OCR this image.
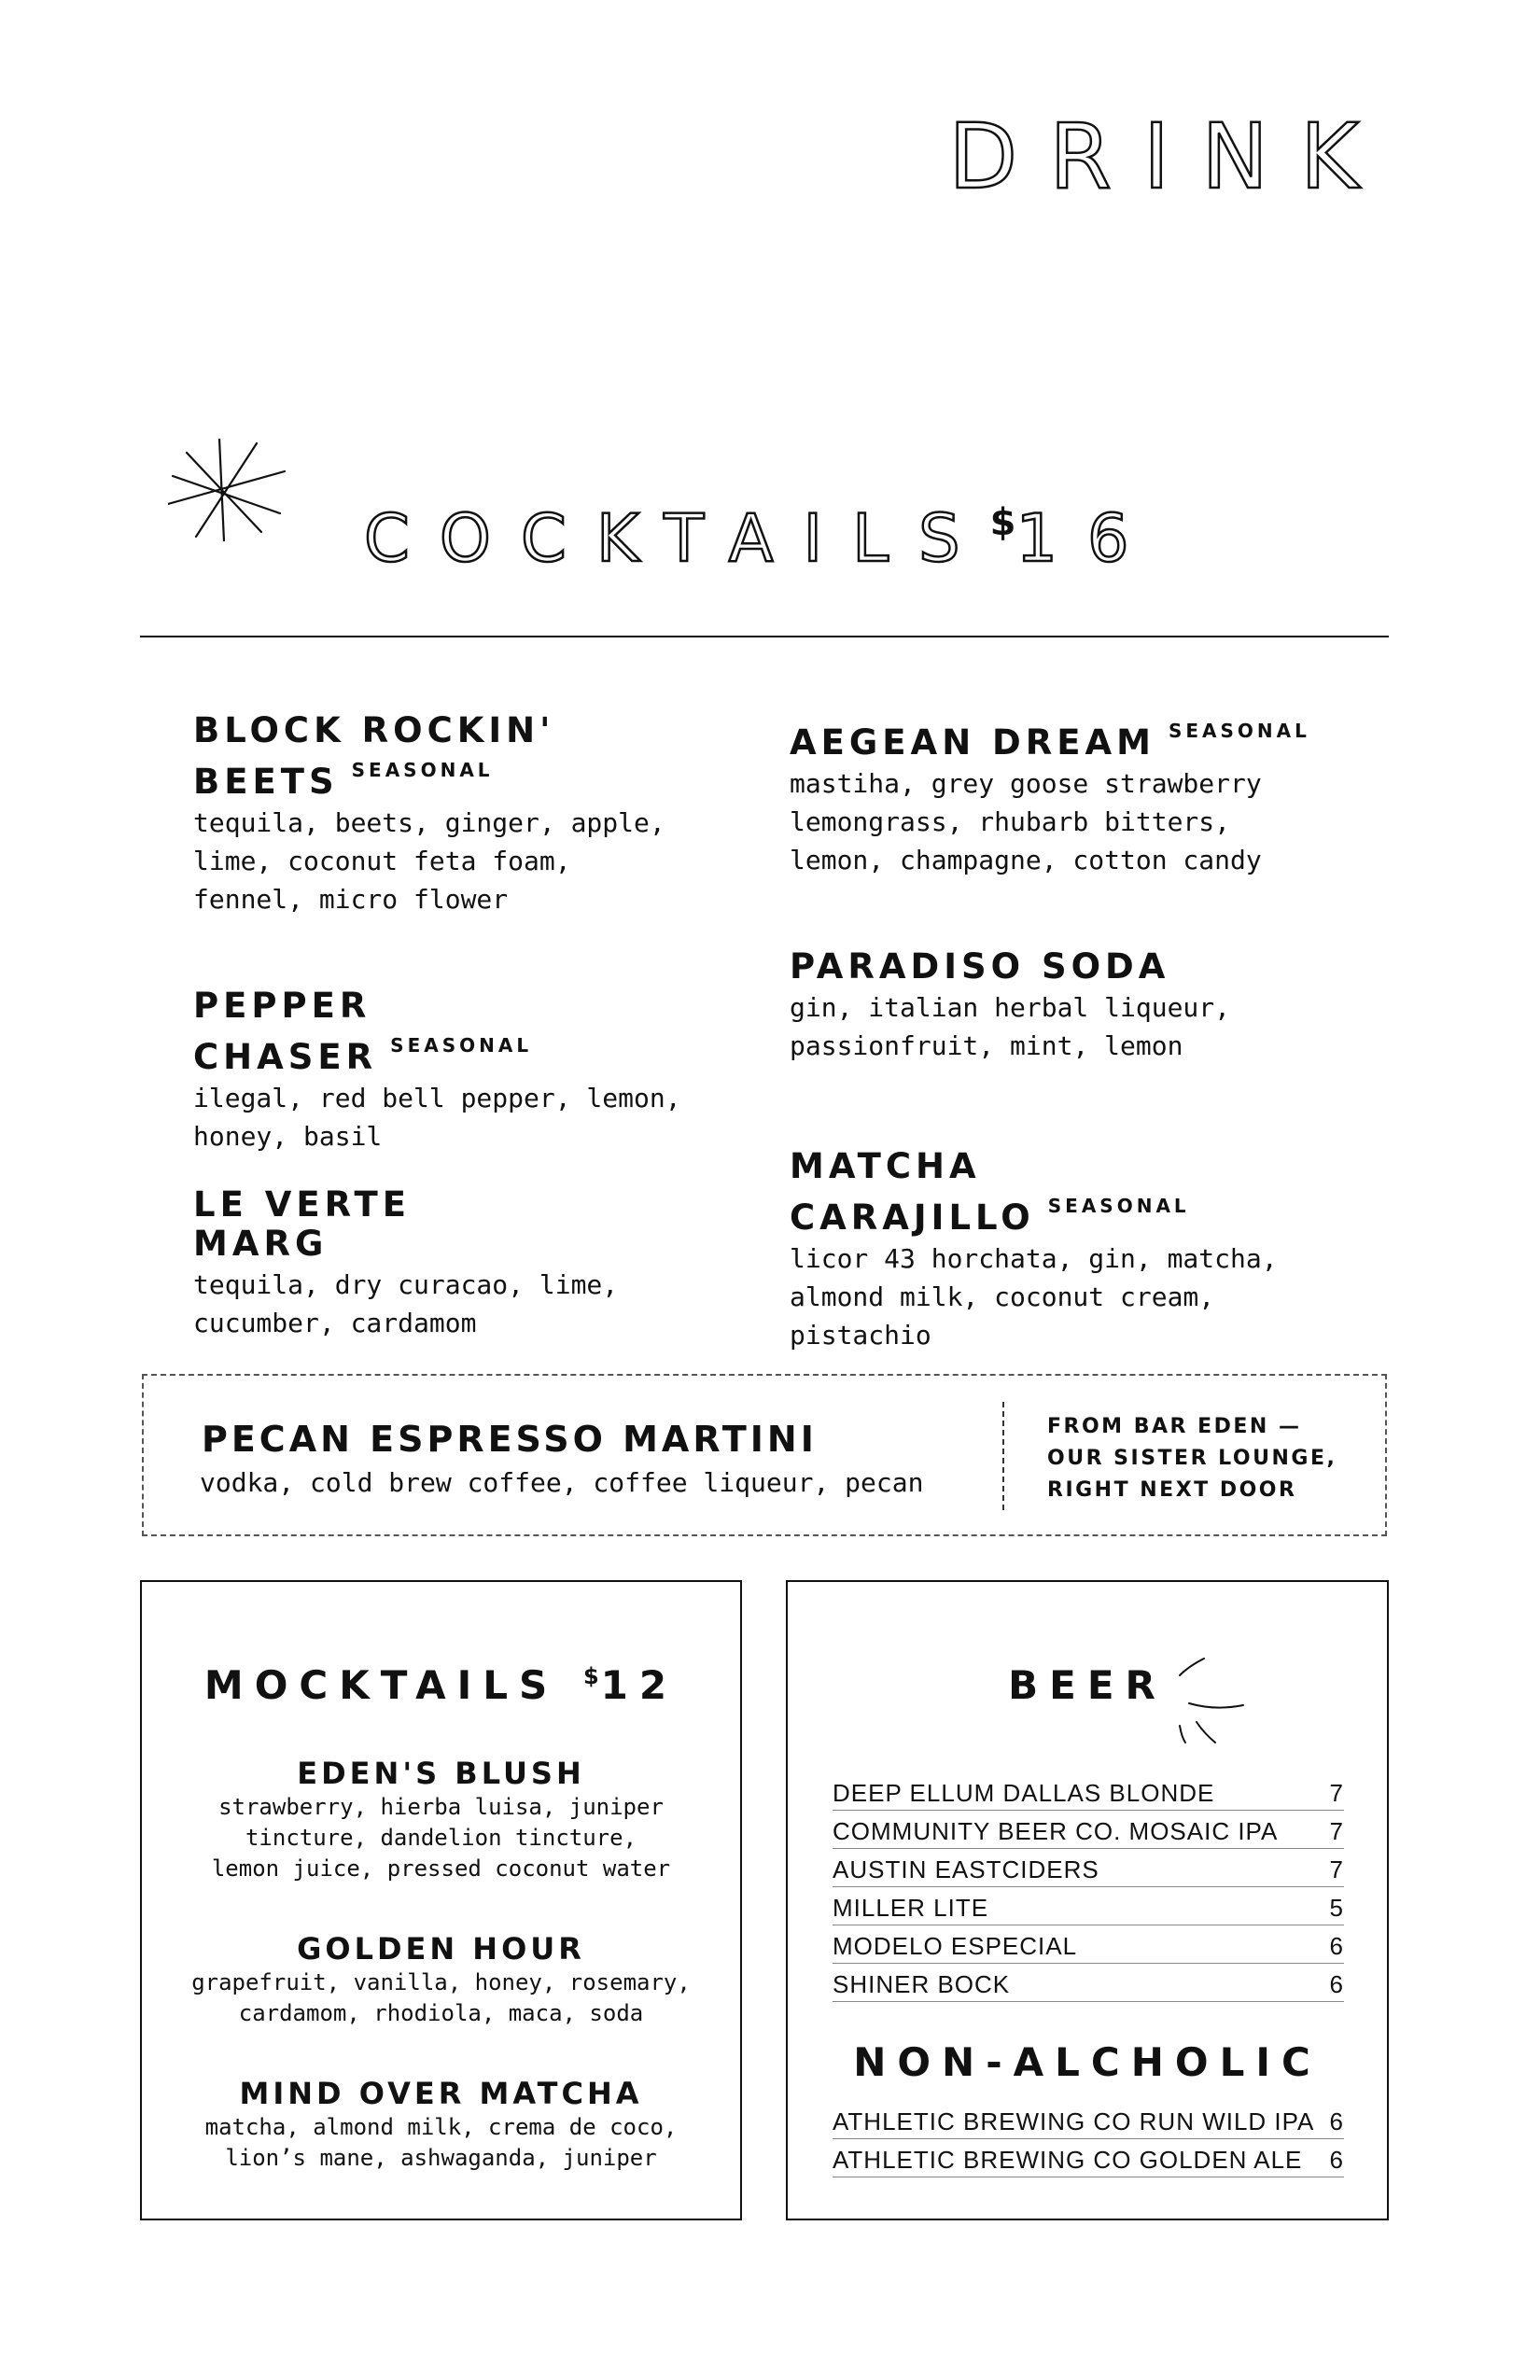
DRINK
COCKTAILS$16
BLOCK ROCKIN'
BEETS $^{SEASONAL}$
tequila, beets, ginger, apple,
lime, coconut feta foam,
fennel, micro flower
PEPPER CHASER $^{SEASONAL}$
ilegal, red bell pepper, lemon,
honey, basil
LE VERTE
MARG
tequila, dry curacao, lime,
cucumber, cardamom
AEGEAN DREAM $^{SEASONAL}$
mastiha, grey goose strawberry
lemongrass, rhubarb bitters,
lemon, champagne, cotton candy
PARADISO SODA
gin, italian herbal liqueur,
passionfruit, mint, lemon
MATCHA
CARAJILLO $^{SEASONAL}$
licor 43 horchata, gin, matcha,
almond milk, coconut cream,
pistachio
PECAN ESPRESSO MARTINI
vodka, cold brew coffee, coffee liqueur, pecan
FROM BAR EDEN —
OUR SISTER LOUNGE,
RIGHT NEXT DOOR
MOCKTAILS $12
EDEN'S BLUSH
strawberry, hierba luisa, juniper
tincture, dandelion tincture,
lemon juice, pressed coconut water
GOLDEN HOUR
grapefruit, vanilla, honey, rosemary,
cardamom, rhodiola, maca, soda
MIND OVER MATCHA
matcha, almond milk, crema de coco,
lion’s mane, ashwaganda, juniper
BEER
DEEP ELLUM DALLAS BLONDE	7
COMMUNITY BEER CO. MOSAIC IPA 7
AUSTIN EASTCIDERS	7
MILLER LITE	5
MODELO ESPECIAL	6
SHINER BOCK	6
NON-ALCHOLIC
ATHLETIC BREWING CO RUN WILD IPA 6
ATHLETIC BREWING CO GOLDEN ALE 6
